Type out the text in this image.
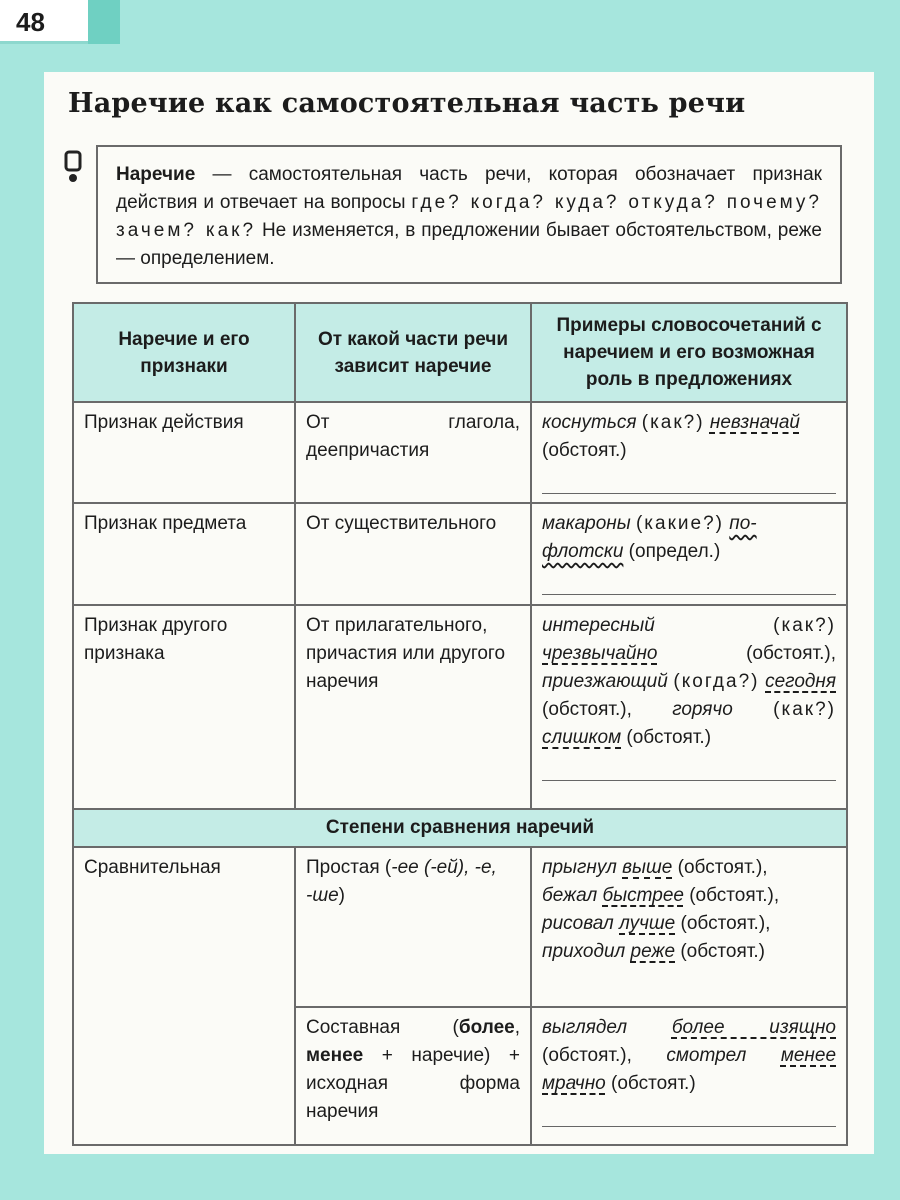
48
Наречие как самостоятельная часть речи
Наречие — самостоятельная часть речи, которая обозначает признак действия и отвечает на вопросы где? когда? куда? откуда? почему? зачем? как? Не изменяется, в предложении бывает обстоятельством, реже — определением.
Наречие и его признаки	От какой части речи зависит наречие	Примеры словосочетаний с наречием и его возможная роль в предложениях
Признак действия	От глагола, деепричастия	коснуться (как?) невзначай (обстоят.)

Признак предмета	От существительного	макароны (какие?) по-флотски (определ.)

Признак другого признака	От прилагательного, причастия или другого наречия	интересный (как?) чрезвычайно (обстоят.), приезжающий (когда?) сегодня (обстоят.), горячо (как?) слишком (обстоят.)

Степени сравнения наречий		
Сравнительная	Простая (-ее (-ей), -е, -ше)	прыгнул выше (обстоят.),
бежал быстрее (обстоят.),
рисовал лучше (обстоят.),
приходил реже (обстоят.)

	Составная (более, менее + наречие) + исходная форма наречия	выглядел более изящно (обстоят.), смотрел менее мрачно (обстоят.)
